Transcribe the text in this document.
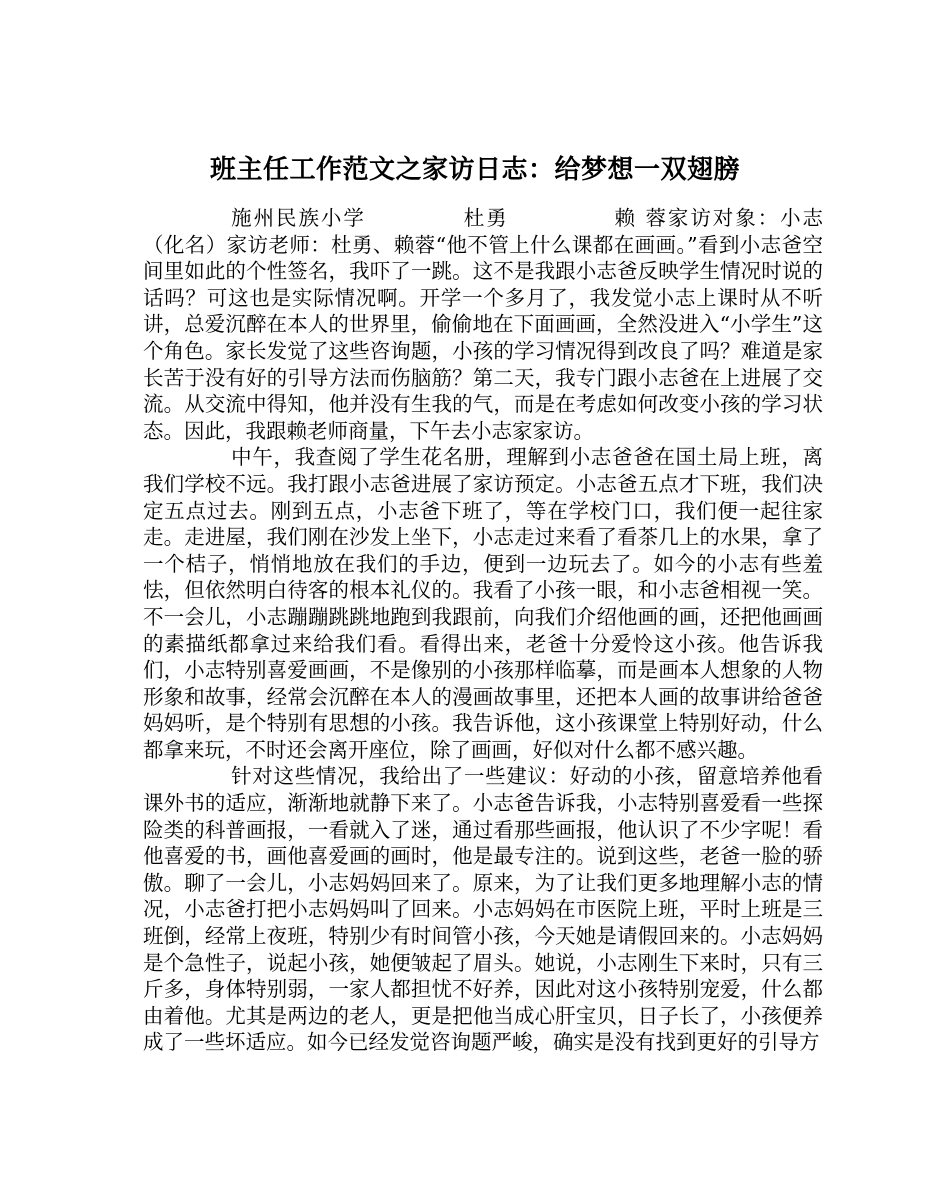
班主任工作范文之家访日志：给梦想一双翅膀

施州民族小学	杜勇	赖 蓉家访对象：小志（化名）家访老师：杜勇、赖蓉“他不管上什么课都在画画。”看到小志爸空间里如此的个性签名，我吓了一跳。这不是我跟小志爸反映学生情况时说的话吗？可这也是实际情况啊。开学一个多月了，我发觉小志上课时从不听讲，总爱沉醉在本人的世界里，偷偷地在下面画画，全然没进入“小学生”这个角色。家长发觉了这些咨询题，小孩的学习情况得到改良了吗？难道是家长苦于没有好的引导方法而伤脑筋？第二天，我专门跟小志爸在上进展了交流。从交流中得知，他并没有生我的气，而是在考虑如何改变小孩的学习状态。因此，我跟赖老师商量，下午去小志家家访。

中午，我查阅了学生花名册，理解到小志爸爸在国土局上班，离我们学校不远。我打跟小志爸进展了家访预定。小志爸五点才下班，我们决定五点过去。刚到五点，小志爸下班了，等在学校门口，我们便一起往家走。走进屋，我们刚在沙发上坐下，小志走过来看了看茶几上的水果，拿了一个桔子，悄悄地放在我们的手边，便到一边玩去了。如今的小志有些羞怯，但依然明白待客的根本礼仪的。我看了小孩一眼，和小志爸相视一笑。不一会儿，小志蹦蹦跳跳地跑到我跟前，向我们介绍他画的画，还把他画画的素描纸都拿过来给我们看。看得出来，老爸十分爱怜这小孩。他告诉我们，小志特别喜爱画画，不是像别的小孩那样临摹，而是画本人想象的人物形象和故事，经常会沉醉在本人的漫画故事里，还把本人画的故事讲给爸爸妈妈听，是个特别有思想的小孩。我告诉他，这小孩课堂上特别好动，什么都拿来玩，不时还会离开座位，除了画画，好似对什么都不感兴趣。

针对这些情况，我给出了一些建议：好动的小孩，留意培养他看课外书的适应，渐渐地就静下来了。小志爸告诉我，小志特别喜爱看一些探险类的科普画报，一看就入了迷，通过看那些画报，他认识了不少字呢！看他喜爱的书，画他喜爱画的画时，他是最专注的。说到这些，老爸一脸的骄傲。聊了一会儿，小志妈妈回来了。原来，为了让我们更多地理解小志的情况，小志爸打把小志妈妈叫了回来。小志妈妈在市医院上班，平时上班是三班倒，经常上夜班，特别少有时间管小孩，今天她是请假回来的。小志妈妈是个急性子，说起小孩，她便皱起了眉头。她说，小志刚生下来时，只有三斤多，身体特别弱，一家人都担忧不好养，因此对这小孩特别宠爱，什么都由着他。尤其是两边的老人，更是把他当成心肝宝贝，日子长了，小孩便养成了一些坏适应。如今已经发觉咨询题严峻，确实是没有找到更好的引导方
